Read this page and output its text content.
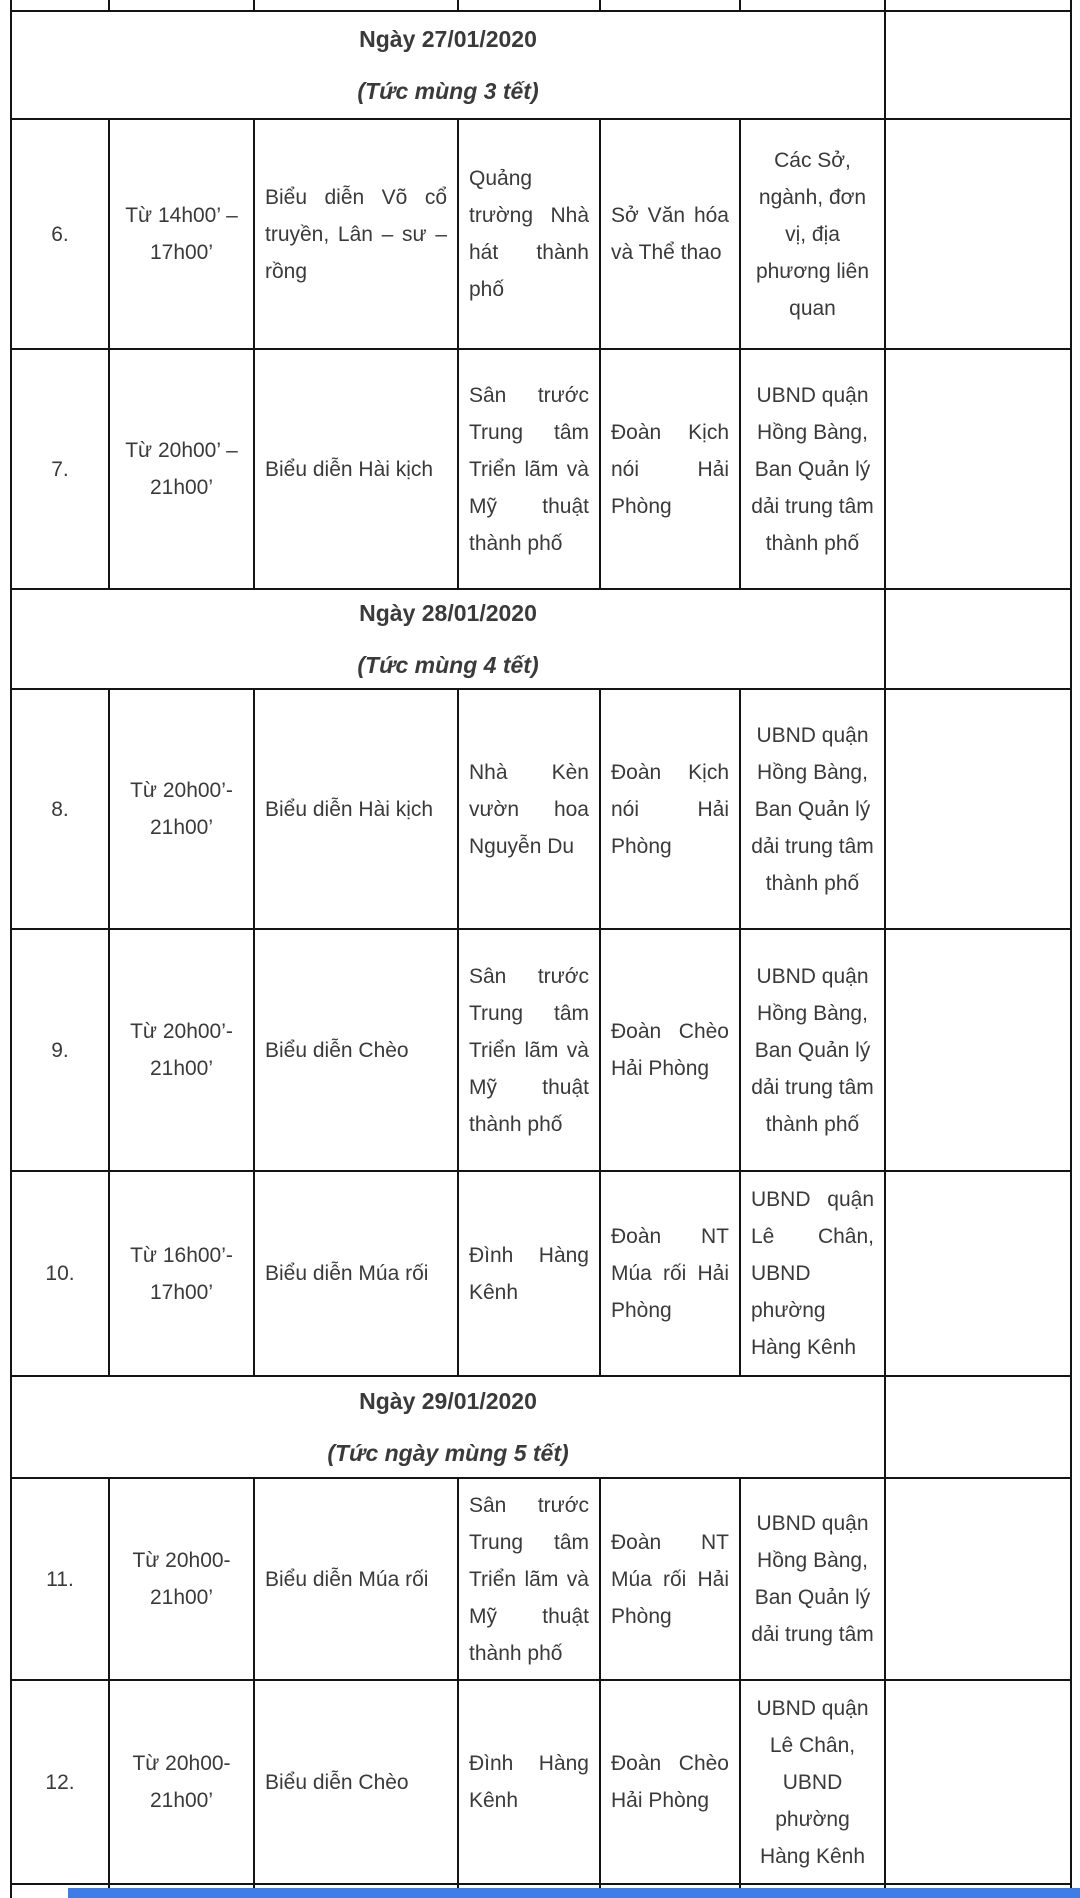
Ngày 27/01/2020
(Tức mùng 3 tết)						

6.	Từ 14h00’ – 17h00’	Biểu diễn Võ cổ truyền, Lân – sư – rồng	Quảng trường Nhà hát thành phố	Sở Văn hóa và Thể thao	Các Sở, ngành, đơn vị, địa phương liên quan	
7.	Từ 20h00’ – 21h00’	Biểu diễn Hài kịch	Sân trước Trung tâm Triển lãm và Mỹ thuật thành phố	Đoàn Kịch nói Hải Phòng	UBND quận Hồng Bàng, Ban Quản lý dải trung tâm thành phố	

Ngày 28/01/2020
(Tức mùng 4 tết)						

8.	Từ 20h00’- 21h00’	Biểu diễn Hài kịch	Nhà Kèn vườn hoa Nguyễn Du	Đoàn Kịch nói Hải Phòng	UBND quận Hồng Bàng, Ban Quản lý dải trung tâm thành phố	
9.	Từ 20h00’- 21h00’	Biểu diễn Chèo	Sân trước Trung tâm Triển lãm và Mỹ thuật thành phố	Đoàn Chèo Hải Phòng	UBND quận Hồng Bàng, Ban Quản lý dải trung tâm thành phố	
10.	Từ 16h00’- 17h00’	Biểu diễn Múa rối	Đình Hàng Kênh	Đoàn NT Múa rối Hải Phòng	UBND quận Lê Chân, UBND phường Hàng Kênh	

Ngày 29/01/2020
(Tức ngày mùng 5 tết)						

11.	Từ 20h00- 21h00’	Biểu diễn Múa rối	Sân trước Trung tâm Triển lãm và Mỹ thuật thành phố	Đoàn NT Múa rối Hải Phòng	UBND quận Hồng Bàng, Ban Quản lý dải trung tâm	
12.	Từ 20h00- 21h00’	Biểu diễn Chèo	Đình Hàng Kênh	Đoàn Chèo Hải Phòng	UBND quận Lê Chân, UBND phường Hàng Kênh	
